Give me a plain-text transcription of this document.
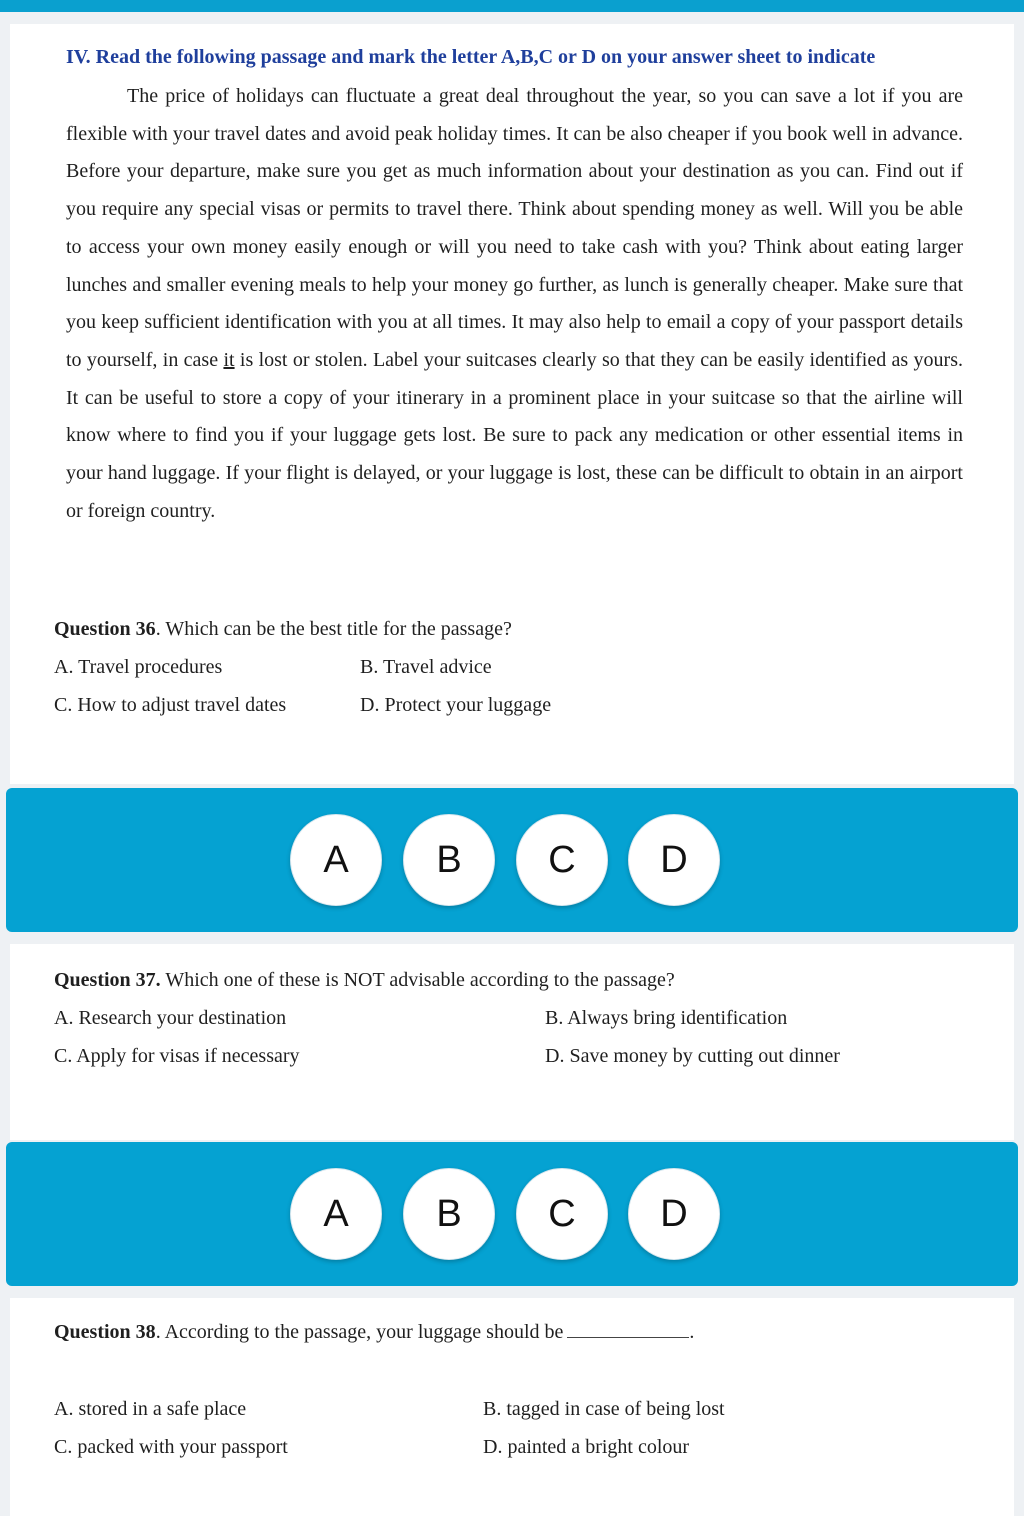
IV. Read the following passage and mark the letter A,B,C or D on your answer sheet to indicate
The price of holidays can fluctuate a great deal throughout the year, so you can save a lot if you are flexible with your travel dates and avoid peak holiday times. It can be also cheaper if you book well in advance. Before your departure, make sure you get as much information about your destination as you can. Find out if you require any special visas or permits to travel there. Think about spending money as well. Will you be able to access your own money easily enough or will you need to take cash with you? Think about eating larger lunches and smaller evening meals to help your money go further, as lunch is generally cheaper. Make sure that you keep sufficient identification with you at all times. It may also help to email a copy of your passport details to yourself, in case it is lost or stolen. Label your suitcases clearly so that they can be easily identified as yours. It can be useful to store a copy of your itinerary in a prominent place in your suitcase so that the airline will know where to find you if your luggage gets lost. Be sure to pack any medication or other essential items in your hand luggage. If your flight is delayed, or your luggage is lost, these can be difficult to obtain in an airport or foreign country.
Question 36. Which can be the best title for the passage?
A. Travel procedures	B. Travel advice
C. How to adjust travel dates	D. Protect your luggage
A	B	C	D
Question 37. Which one of these is NOT advisable according to the passage?
A. Research your destination	B. Always bring identification
C. Apply for visas if necessary	D. Save money by cutting out dinner
A	B	C	D
Question 38. According to the passage, your luggage should be	.
A. stored in a safe place	B. tagged in case of being lost
C. packed with your passport	D. painted a bright colour
